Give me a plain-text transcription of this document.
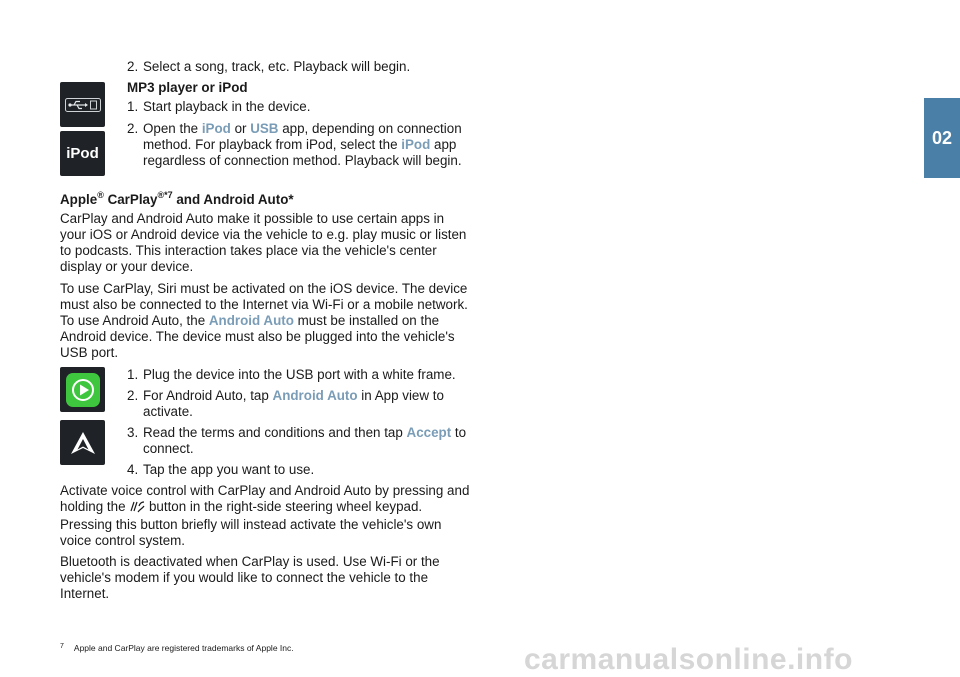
02
2. Select a song, track, etc. Playback will begin.
iPod
MP3 player or iPod
1. Start playback in the device.
2. Open the iPod or USB app, depending on connection method. For playback from iPod, select the iPod app regardless of connection method. Playback will begin.
Apple® CarPlay$^{®*7}$ and Android Auto*

CarPlay and Android Auto make it possible to use certain apps in your iOS or Android device via the vehicle to e.g. play music or listen to podcasts. This interaction takes place via the vehicle's center display or your device.

To use CarPlay, Siri must be activated on the iOS device. The device must also be connected to the Internet via Wi-Fi or a mobile network. To use Android Auto, the Android Auto must be installed on the Android device. The device must also be plugged into the vehicle's USB port.

1. Plug the device into the USB port with a white frame.
2. For Android Auto, tap Android Auto in App view to activate.
3. Read the terms and conditions and then tap Accept to connect.
4. Tap the app you want to use.

Activate voice control with CarPlay and Android Auto by pressing and holding the  button in the right-side steering wheel keypad. Pressing this button briefly will instead activate the vehicle's own voice control system.

Bluetooth is deactivated when CarPlay is used. Use Wi-Fi or the vehicle's modem if you would like to connect the vehicle to the Internet.

$^7$ Apple and CarPlay are registered trademarks of Apple Inc.	carmanualsonline.info
